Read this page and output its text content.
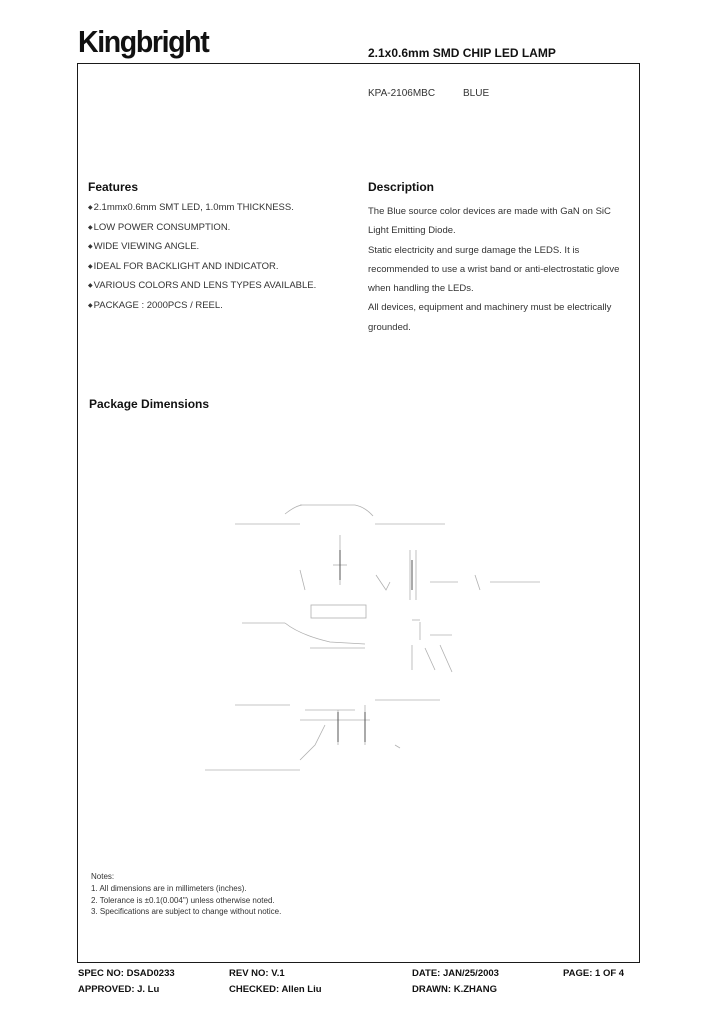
Kingbright	2.1x0.6mm SMD CHIP LED LAMP
KPA-2106MBC	BLUE
Features
◆ 2.1mmx0.6mm SMT LED, 1.0mm THICKNESS.
◆ LOW POWER CONSUMPTION.
◆ WIDE VIEWING ANGLE.
◆ IDEAL FOR BACKLIGHT AND INDICATOR.
◆ VARIOUS COLORS AND LENS TYPES AVAILABLE.
◆ PACKAGE : 2000PCS / REEL.
Description

The Blue source color devices are made with GaN on SiC Light Emitting Diode.

Static electricity and surge damage the LEDS. It is recommended to use a wrist band or anti-electrostatic glove when handling the LEDs.

All devices, equipment and machinery must be electrically grounded.

Package Dimensions
Notes:
1. All dimensions are in millimeters (inches).
2. Tolerance is ±0.1(0.004") unless otherwise noted.
3. Specifications are subject to change without notice.
SPEC NO: DSAD0233	REV NO: V.1	DATE: JAN/25/2003	PAGE: 1 OF 4
APPROVED: J. Lu	CHECKED: Allen Liu	DRAWN: K.ZHANG
